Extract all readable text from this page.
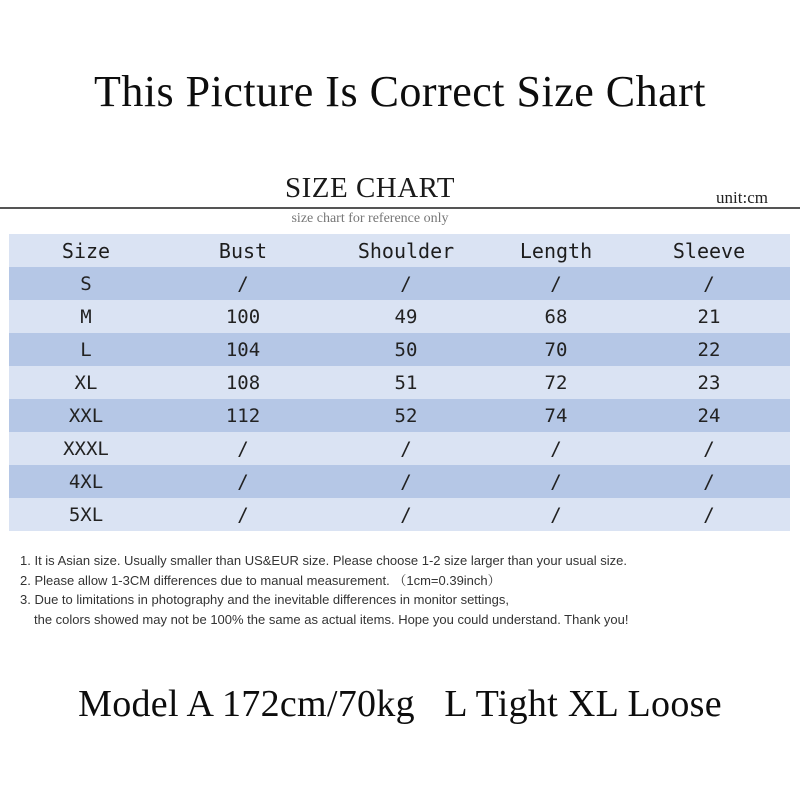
This Picture Is Correct Size Chart
SIZE CHART	unit:cm
size chart for reference only
Size	Bust	Shoulder	Length	Sleeve
S	/	/	/	/
M	100	49	68	21
L	104	50	70	22
XL	108	51	72	23
XXL	112	52	74	24
XXXL	/	/	/	/
4XL	/	/	/	/
5XL	/	/	/	/
1. It is Asian size. Usually smaller than US&EUR size. Please choose 1-2 size larger than your usual size.
2. Please allow 1-3CM differences due to manual measurement. （1cm=0.39inch）
3. Due to limitations in photography and the inevitable differences in monitor settings,
the colors showed may not be 100% the same as actual items. Hope you could understand. Thank you!
Model A 172cm/70kg   L Tight XL Loose
